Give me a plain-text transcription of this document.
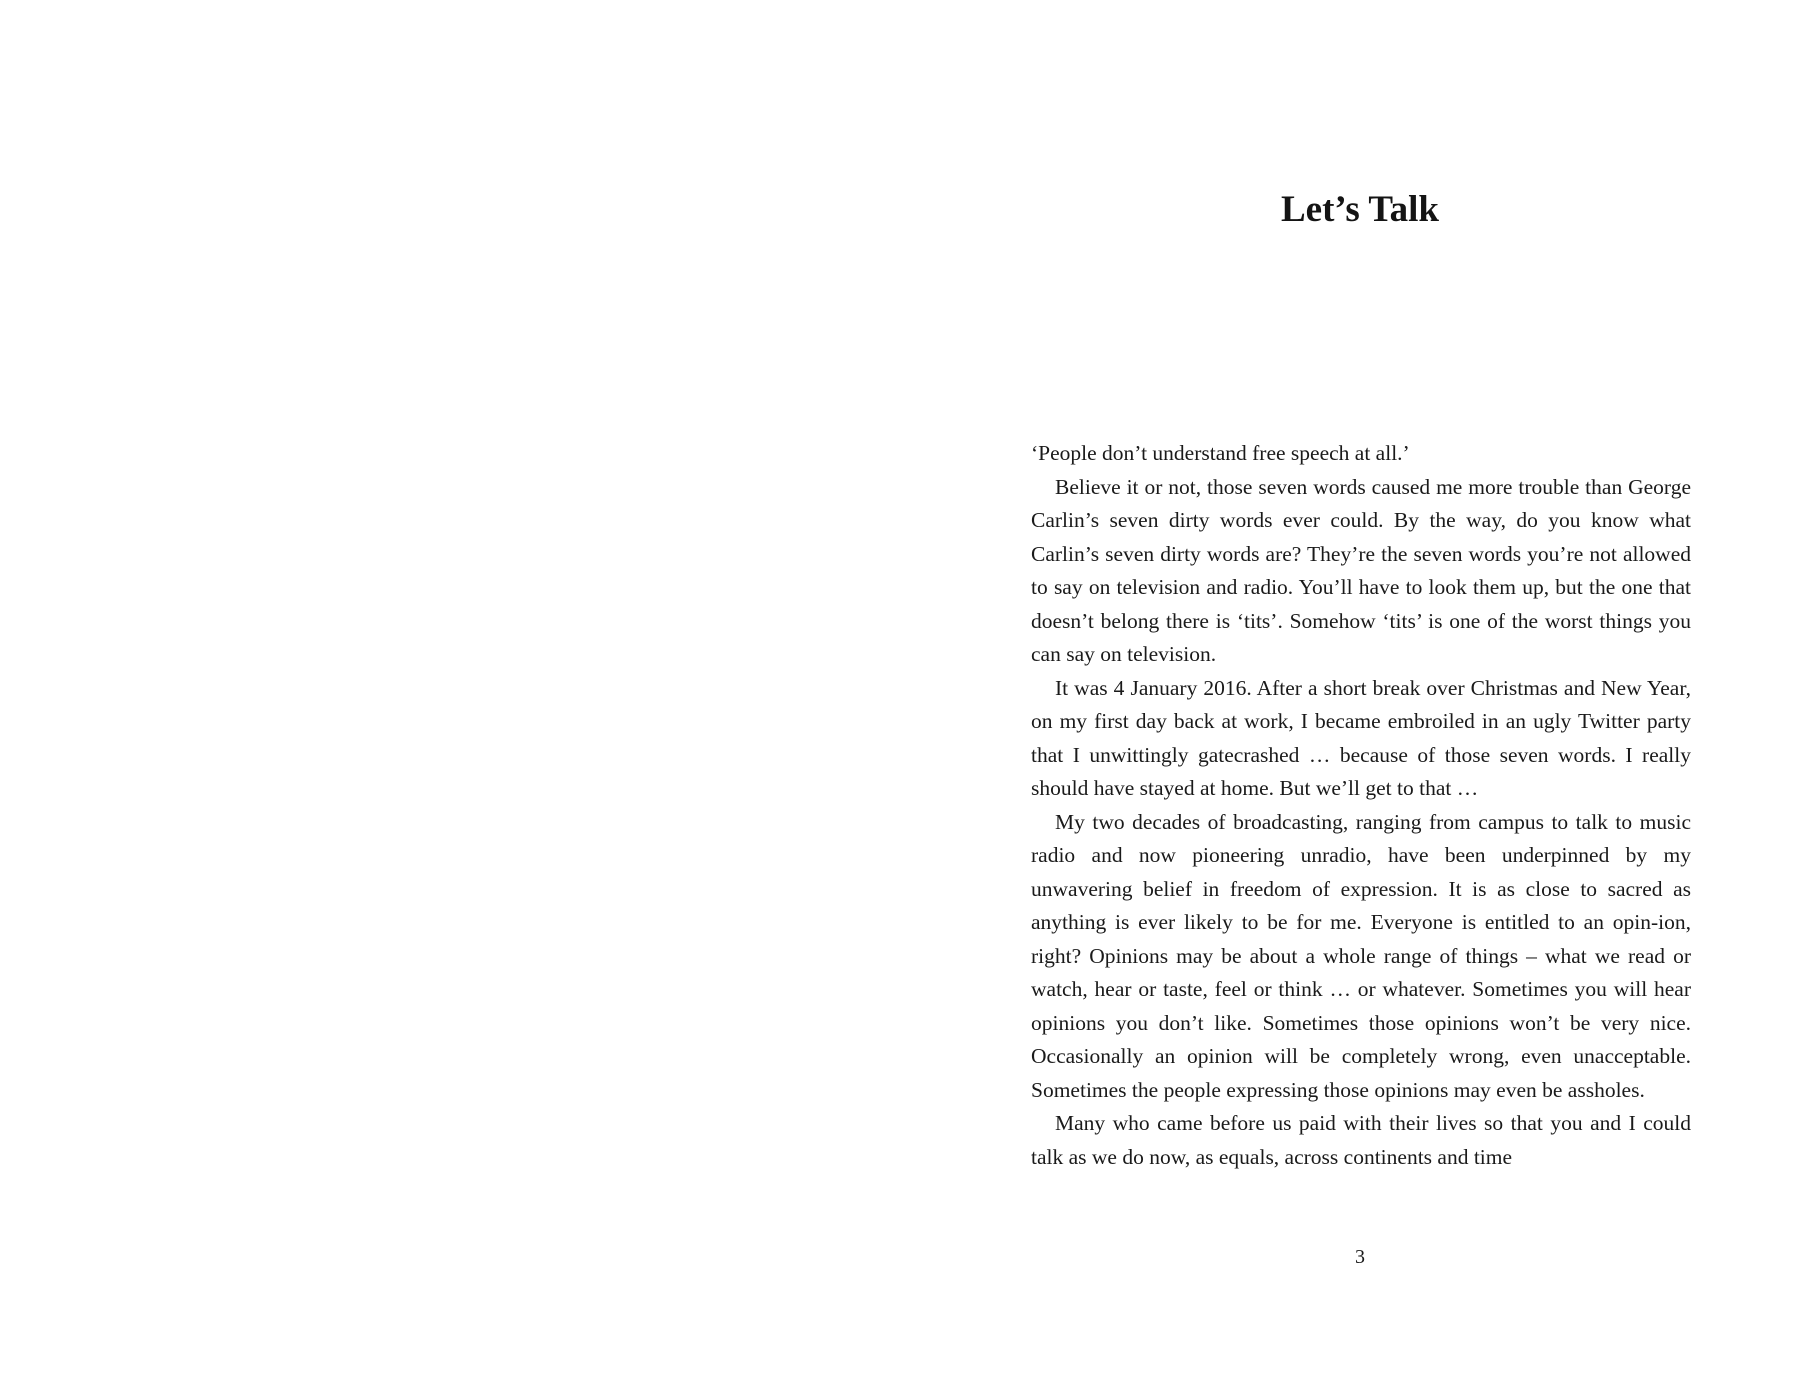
Let’s Talk

‘People don’t understand free speech at all.’

Believe it or not, those seven words caused me more trouble than George Carlin’s seven dirty words ever could. By the way, do you know what Carlin’s seven dirty words are? They’re the seven words you’re not allowed to say on television and radio. You’ll have to look them up, but the one that doesn’t belong there is ‘tits’. Somehow ‘tits’ is one of the worst things you can say on television.

It was 4 January 2016. After a short break over Christmas and New Year, on my first day back at work, I became embroiled in an ugly Twitter party that I unwittingly gatecrashed … because of those seven words. I really should have stayed at home. But we’ll get to that …

My two decades of broadcasting, ranging from campus to talk to music radio and now pioneering unradio, have been underpinned by my unwavering belief in freedom of expression. It is as close to sacred as anything is ever likely to be for me. Everyone is entitled to an opin-ion, right? Opinions may be about a whole range of things – what we read or watch, hear or taste, feel or think … or whatever. Sometimes you will hear opinions you don’t like. Sometimes those opinions won’t be very nice. Occasionally an opinion will be completely wrong, even unacceptable. Sometimes the people expressing those opinions may even be assholes.

Many who came before us paid with their lives so that you and I could talk as we do now, as equals, across continents and time

3
